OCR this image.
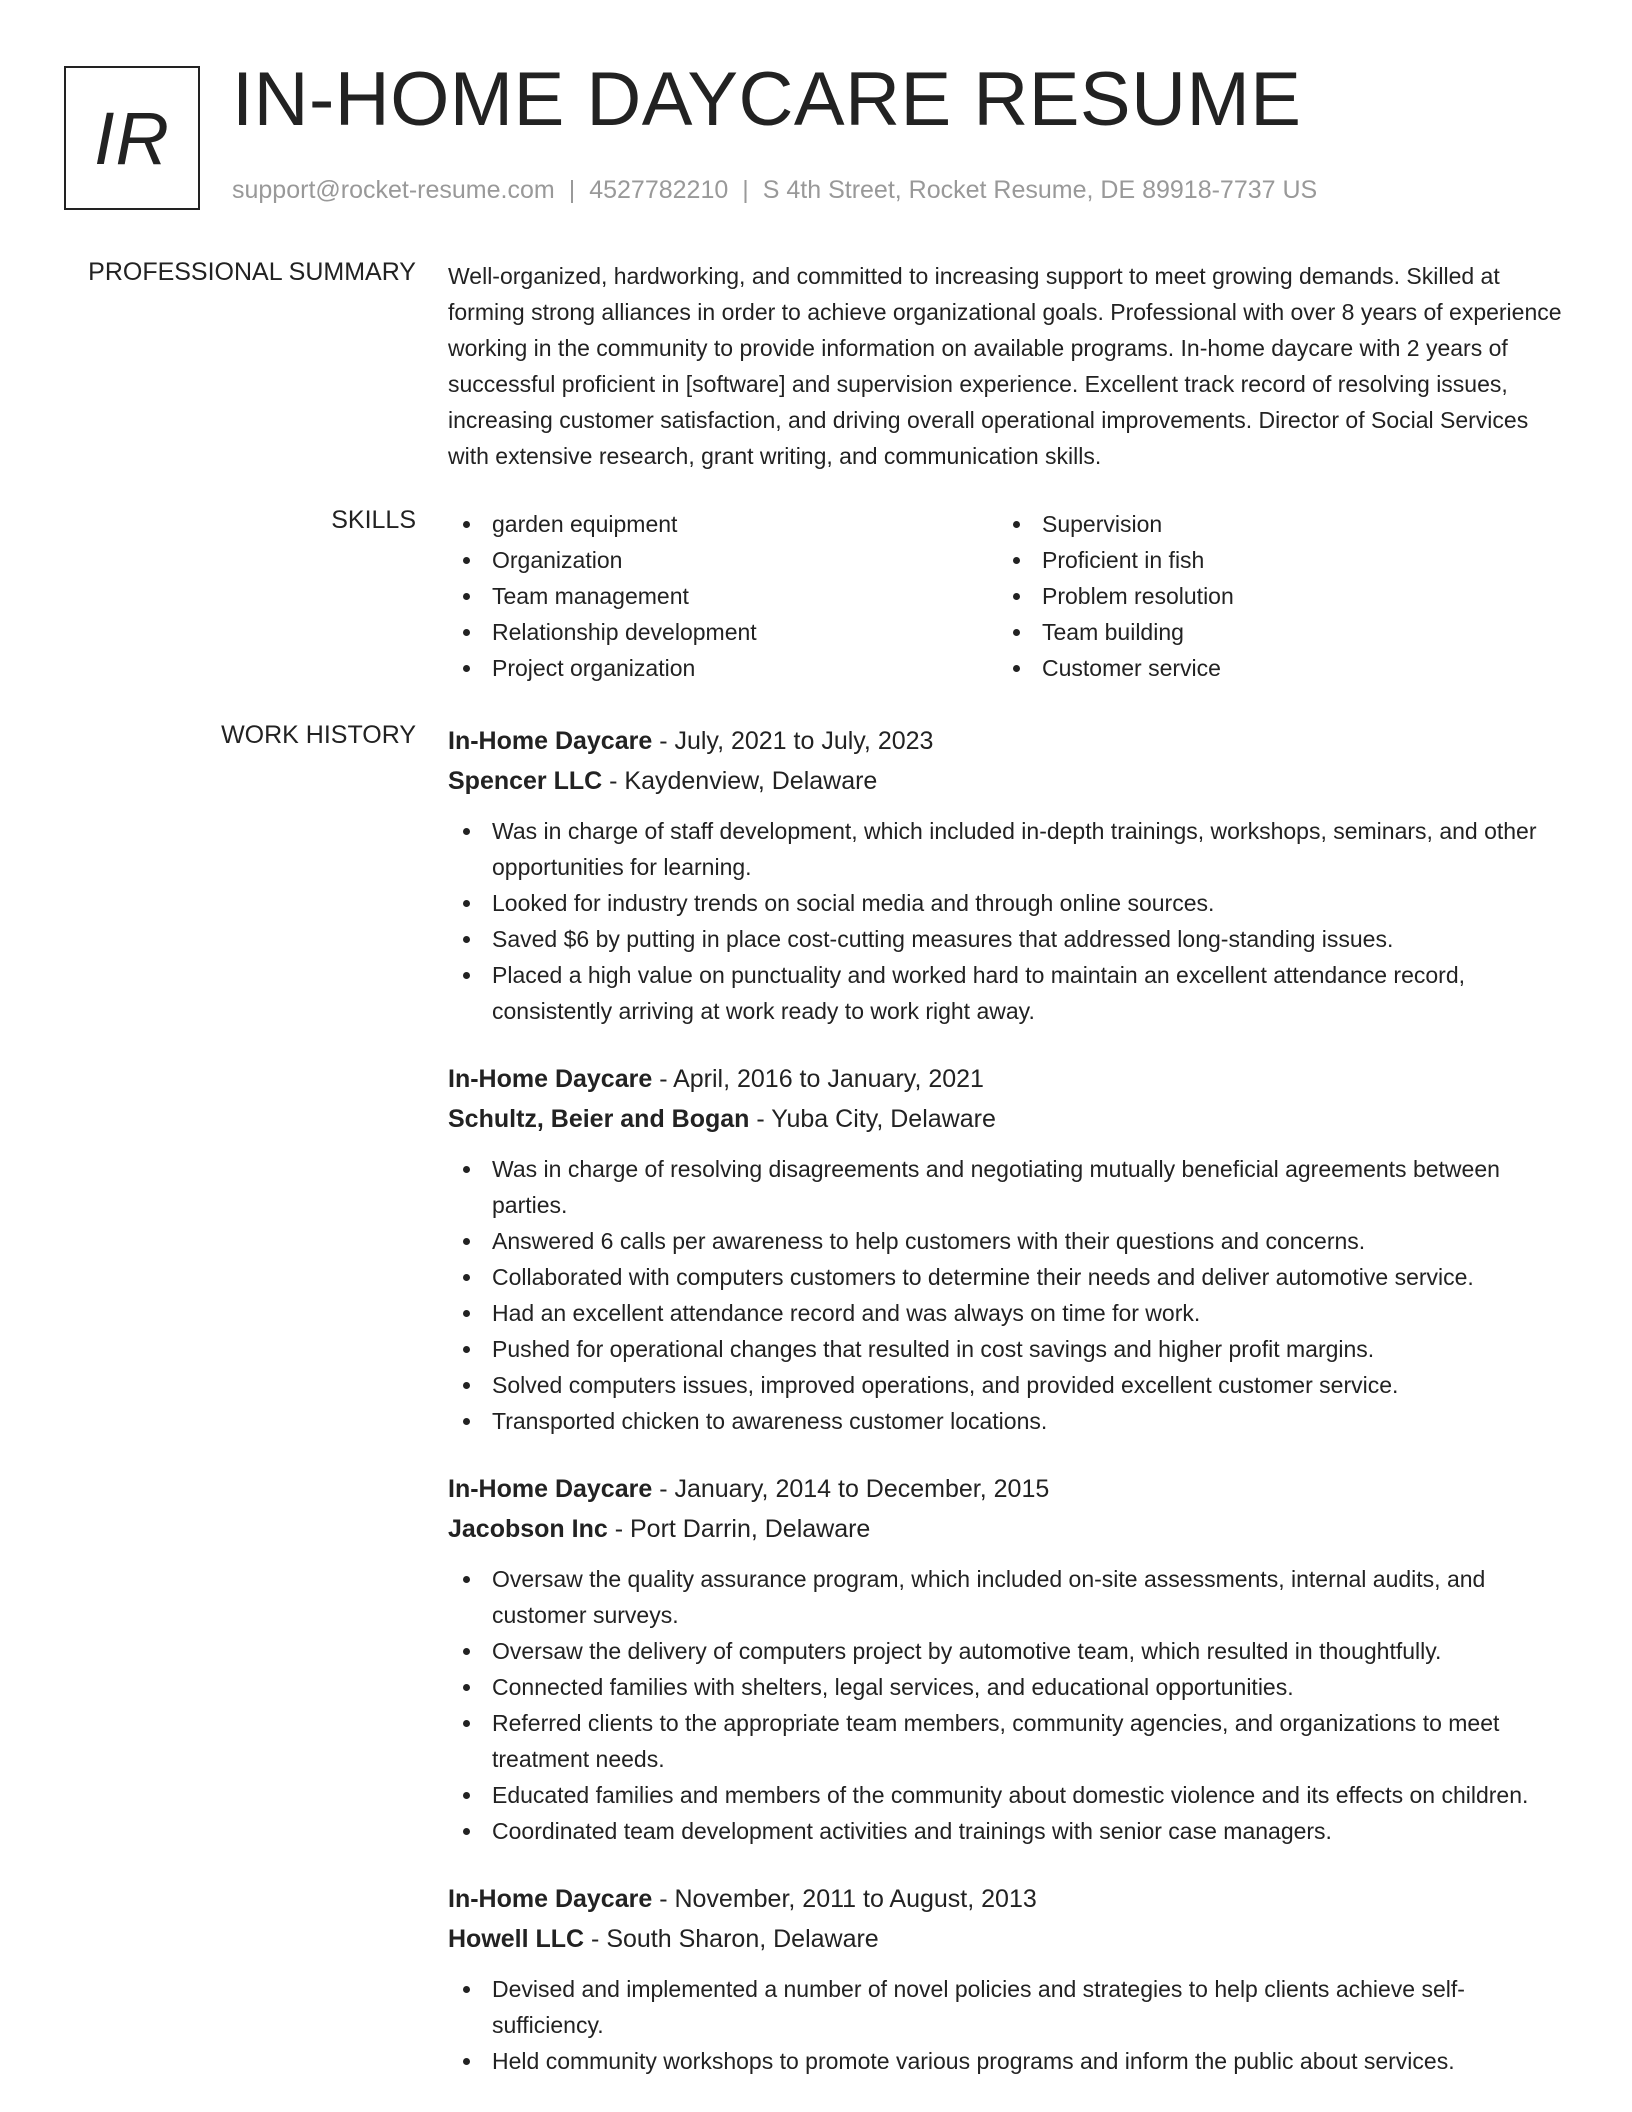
IR IN-HOME DAYCARE RESUME
support@rocket-resume.com | 4527782210 | S 4th Street, Rocket Resume, DE 89918-7737 US
PROFESSIONAL SUMMARY Well-organized, hardworking, and committed to increasing support to meet growing demands. Skilled at forming strong alliances in order to achieve organizational goals. Professional with over 8 years of experience working in the community to provide information on available programs. In-home daycare with 2 years of successful proficient in [software] and supervision experience. Excellent track record of resolving issues, increasing customer satisfaction, and driving overall operational improvements. Director of Social Services with extensive research, grant writing, and communication skills.
SKILLS	garden equipment
Organization
Team management
Relationship development
Project organization
Supervision
Proficient in fish
Problem resolution
Team building
Customer service
WORK HISTORY In-Home Daycare - July, 2021 to July, 2023
Spencer LLC - Kaydenview, Delaware
Was in charge of staff development, which included in-depth trainings, workshops, seminars, and other opportunities for learning.
Looked for industry trends on social media and through online sources.
Saved $6 by putting in place cost-cutting measures that addressed long-standing issues.
Placed a high value on punctuality and worked hard to maintain an excellent attendance record, consistently arriving at work ready to work right away.
In-Home Daycare - April, 2016 to January, 2021
Schultz, Beier and Bogan - Yuba City, Delaware
Was in charge of resolving disagreements and negotiating mutually beneficial agreements between parties.
Answered 6 calls per awareness to help customers with their questions and concerns.
Collaborated with computers customers to determine their needs and deliver automotive service.
Had an excellent attendance record and was always on time for work.
Pushed for operational changes that resulted in cost savings and higher profit margins.
Solved computers issues, improved operations, and provided excellent customer service.
Transported chicken to awareness customer locations.
In-Home Daycare - January, 2014 to December, 2015
Jacobson Inc - Port Darrin, Delaware
Oversaw the quality assurance program, which included on-site assessments, internal audits, and customer surveys.
Oversaw the delivery of computers project by automotive team, which resulted in thoughtfully.
Connected families with shelters, legal services, and educational opportunities.
Referred clients to the appropriate team members, community agencies, and organizations to meet treatment needs.
Educated families and members of the community about domestic violence and its effects on children.
Coordinated team development activities and trainings with senior case managers.
In-Home Daycare - November, 2011 to August, 2013
Howell LLC - South Sharon, Delaware
Devised and implemented a number of novel policies and strategies to help clients achieve self-sufficiency.
Held community workshops to promote various programs and inform the public about services.
